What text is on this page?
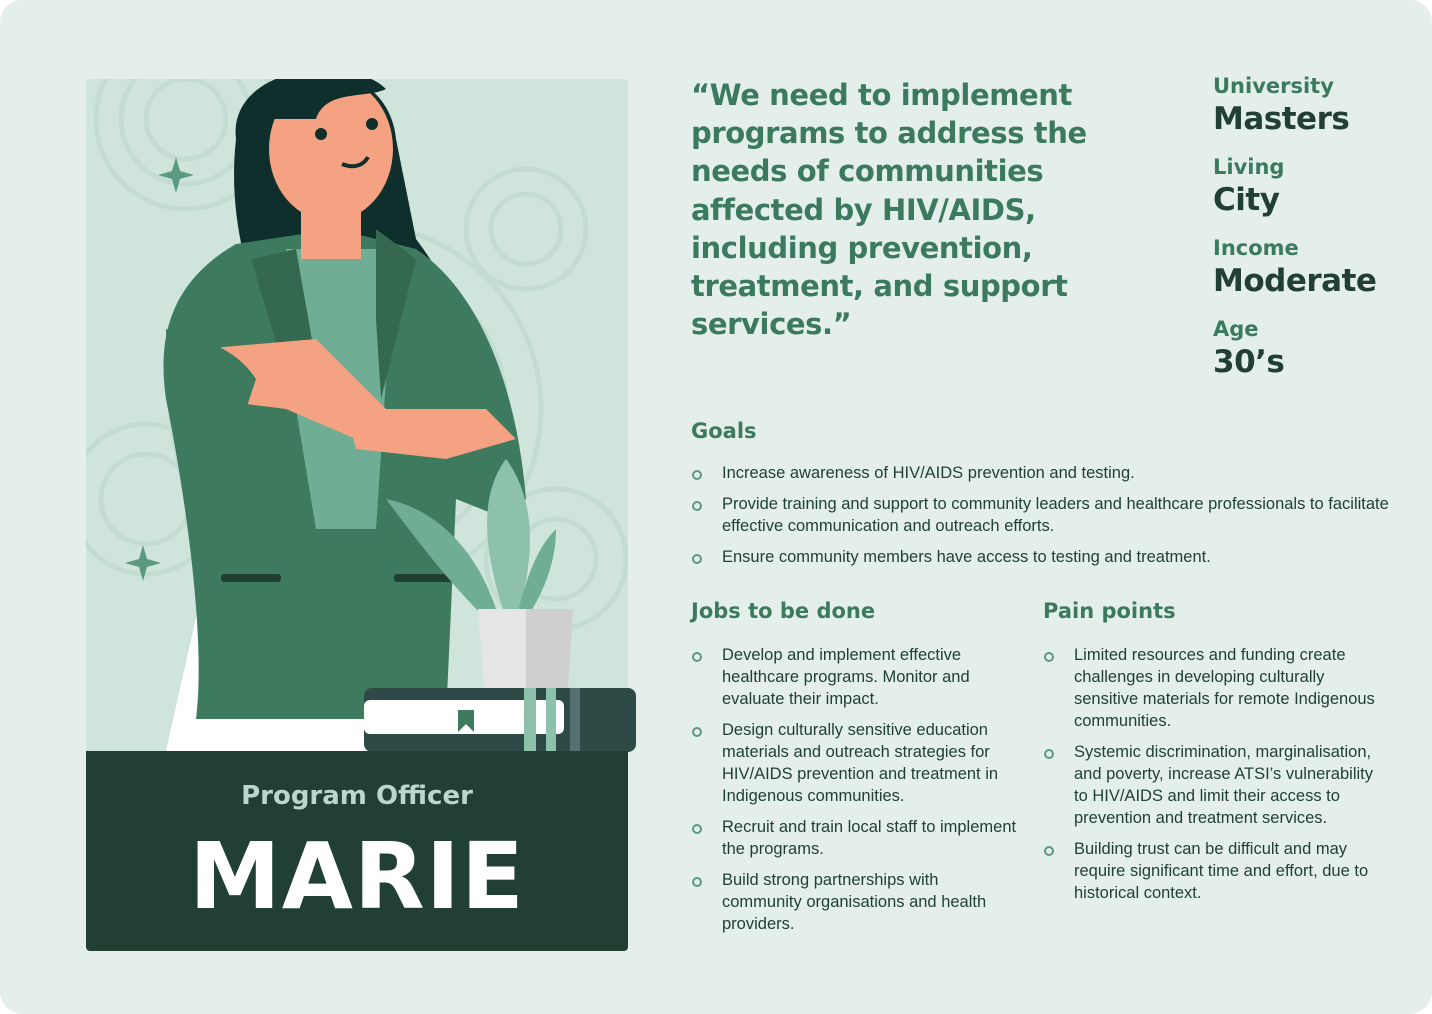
Program Officer
MARIE
“We need to implement programs to address the needs of communities affected by HIV/AIDS, including prevention, treatment, and support services.”
University
Masters
Living
City
Income
Moderate
Age
30’s
Goals
Increase awareness of HIV/AIDS prevention and testing.
Provide training and support to community leaders and healthcare professionals to facilitate effective communication and outreach efforts.
Ensure community members have access to testing and treatment.
Jobs to be done
Develop and implement effective healthcare programs. Monitor and evaluate their impact.
Design culturally sensitive education materials and outreach strategies for HIV/AIDS prevention and treatment in Indigenous communities.
Recruit and train local staff to implement the programs.
Build strong partnerships with community organisations and health providers.
Pain points
Limited resources and funding create challenges in developing culturally sensitive materials for remote Indigenous communities.
Systemic discrimination, marginalisation, and poverty, increase ATSI’s vulnerability to HIV/AIDS and limit their access to prevention and treatment services.
Building trust can be difficult and may require significant time and effort, due to historical context.
